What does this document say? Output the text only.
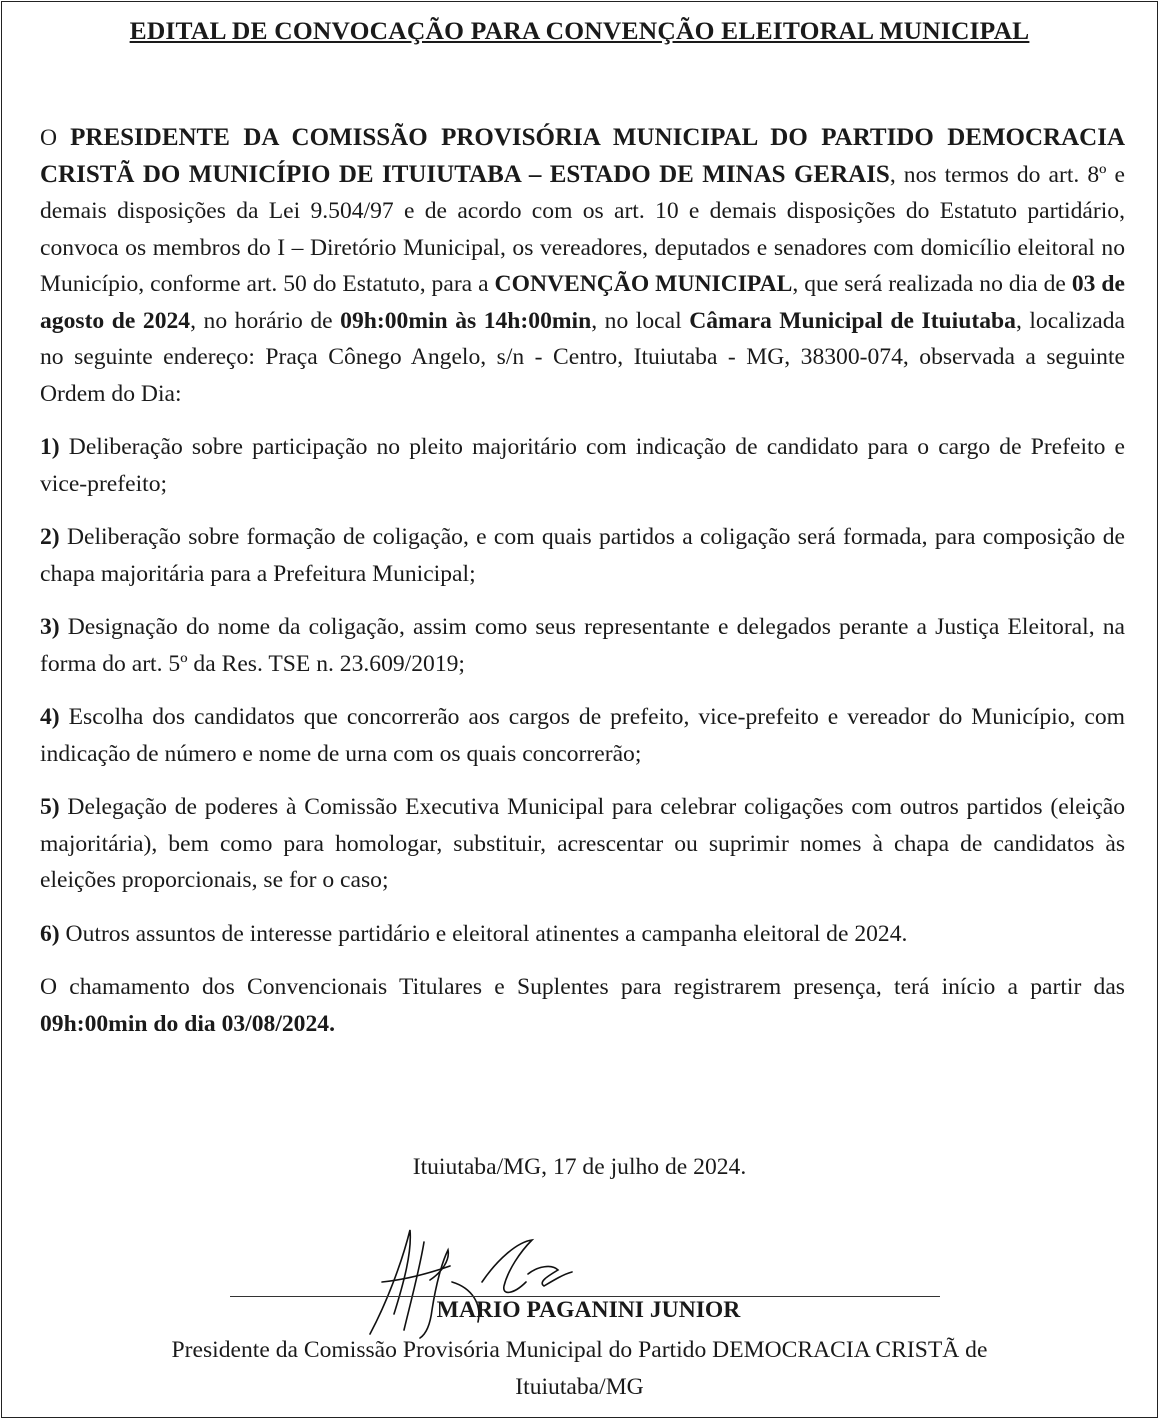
EDITAL DE CONVOCAÇÃO PARA CONVENÇÃO ELEITORAL MUNICIPAL

O PRESIDENTE DA COMISSÃO PROVISÓRIA MUNICIPAL DO PARTIDO DEMOCRACIA CRISTÃ DO MUNICÍPIO DE ITUIUTABA – ESTADO DE MINAS GERAIS, nos termos do art. 8º e demais disposições da Lei 9.504/97 e de acordo com os art. 10 e demais disposições do Estatuto partidário, convoca os membros do I – Diretório Municipal, os vereadores, deputados e senadores com domicílio eleitoral no Município, conforme art. 50 do Estatuto, para a CONVENÇÃO MUNICIPAL, que será realizada no dia de 03 de agosto de 2024, no horário de 09h:00min às 14h:00min, no local Câmara Municipal de Ituiutaba, localizada no seguinte endereço: Praça Cônego Angelo, s/n - Centro, Ituiutaba - MG, 38300-074, observada a seguinte Ordem do Dia:

1) Deliberação sobre participação no pleito majoritário com indicação de candidato para o cargo de Prefeito e vice-prefeito;

2) Deliberação sobre formação de coligação, e com quais partidos a coligação será formada, para composição de chapa majoritária para a Prefeitura Municipal;

3) Designação do nome da coligação, assim como seus representante e delegados perante a Justiça Eleitoral, na forma do art. 5º da Res. TSE n. 23.609/2019;

4) Escolha dos candidatos que concorrerão aos cargos de prefeito, vice-prefeito e vereador do Município, com indicação de número e nome de urna com os quais concorrerão;

5) Delegação de poderes à Comissão Executiva Municipal para celebrar coligações com outros partidos (eleição majoritária), bem como para homologar, substituir, acrescentar ou suprimir nomes à chapa de candidatos às eleições proporcionais, se for o caso;

6) Outros assuntos de interesse partidário e eleitoral atinentes a campanha eleitoral de 2024.

O chamamento dos Convencionais Titulares e Suplentes para registrarem presença, terá início a partir das 09h:00min do dia 03/08/2024.

Ituiutaba/MG, 17 de julho de 2024.
MARIO PAGANINI JUNIOR
Presidente da Comissão Provisória Municipal do Partido DEMOCRACIA CRISTÃ de
Ituiutaba/MG
